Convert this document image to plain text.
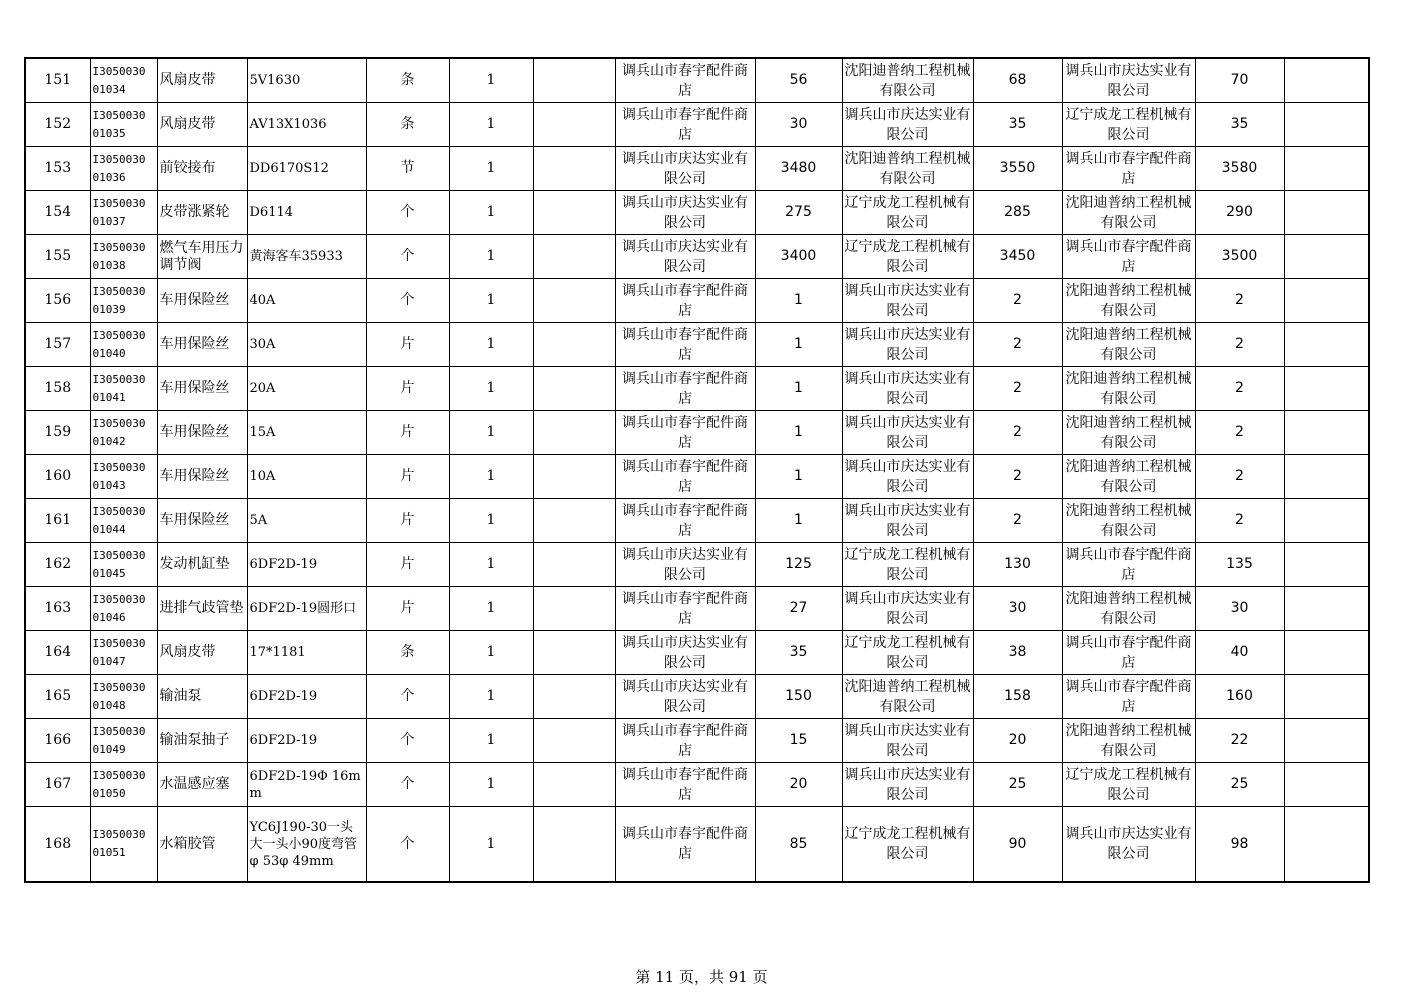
151	I3050030 01034	风扇皮带	5V1630	条	1		调兵山市春宇配件商店	56	沈阳迪普纳工程机械有限公司	68	调兵山市庆达实业有限公司	70	
152	I3050030 01035	风扇皮带	AV13X1036	条	1		调兵山市春宇配件商店	30	调兵山市庆达实业有限公司	35	辽宁成龙工程机械有限公司	35	
153	I3050030 01036	前铰接布	DD6170S12	节	1		调兵山市庆达实业有限公司	3480	沈阳迪普纳工程机械有限公司	3550	调兵山市春宇配件商店	3580	
154	I3050030 01037	皮带涨紧轮	D6114	个	1		调兵山市庆达实业有限公司	275	辽宁成龙工程机械有限公司	285	沈阳迪普纳工程机械有限公司	290	
155	I3050030 01038	燃气车用压力调节阀	黄海客车35933	个	1		调兵山市庆达实业有限公司	3400	辽宁成龙工程机械有限公司	3450	调兵山市春宇配件商店	3500	
156	I3050030 01039	车用保险丝	40A	个	1		调兵山市春宇配件商店	1	调兵山市庆达实业有限公司	2	沈阳迪普纳工程机械有限公司	2	
157	I3050030 01040	车用保险丝	30A	片	1		调兵山市春宇配件商店	1	调兵山市庆达实业有限公司	2	沈阳迪普纳工程机械有限公司	2	
158	I3050030 01041	车用保险丝	20A	片	1		调兵山市春宇配件商店	1	调兵山市庆达实业有限公司	2	沈阳迪普纳工程机械有限公司	2	
159	I3050030 01042	车用保险丝	15A	片	1		调兵山市春宇配件商店	1	调兵山市庆达实业有限公司	2	沈阳迪普纳工程机械有限公司	2	
160	I3050030 01043	车用保险丝	10A	片	1		调兵山市春宇配件商店	1	调兵山市庆达实业有限公司	2	沈阳迪普纳工程机械有限公司	2	
161	I3050030 01044	车用保险丝	5A	片	1		调兵山市春宇配件商店	1	调兵山市庆达实业有限公司	2	沈阳迪普纳工程机械有限公司	2	
162	I3050030 01045	发动机缸垫	6DF2D-19	片	1		调兵山市庆达实业有限公司	125	辽宁成龙工程机械有限公司	130	调兵山市春宇配件商店	135	
163	I3050030 01046	进排气歧管垫	6DF2D-19圆形口	片	1		调兵山市春宇配件商店	27	调兵山市庆达实业有限公司	30	沈阳迪普纳工程机械有限公司	30	
164	I3050030 01047	风扇皮带	17*1181	条	1		调兵山市庆达实业有限公司	35	辽宁成龙工程机械有限公司	38	调兵山市春宇配件商店	40	
165	I3050030 01048	输油泵	6DF2D-19	个	1		调兵山市庆达实业有限公司	150	沈阳迪普纳工程机械有限公司	158	调兵山市春宇配件商店	160	
166	I3050030 01049	输油泵抽子	6DF2D-19	个	1		调兵山市春宇配件商店	15	调兵山市庆达实业有限公司	20	沈阳迪普纳工程机械有限公司	22	
167	I3050030 01050	水温感应塞	6DF2D-19Φ 16mm	个	1		调兵山市春宇配件商店	20	调兵山市庆达实业有限公司	25	辽宁成龙工程机械有限公司	25	
168	I3050030 01051	水箱胶管	YC6J190-30一头大一头小90度弯管φ 53φ 49mm	个	1		调兵山市春宇配件商店	85	辽宁成龙工程机械有限公司	90	调兵山市庆达实业有限公司	98	
第 11 页，共 91 页
